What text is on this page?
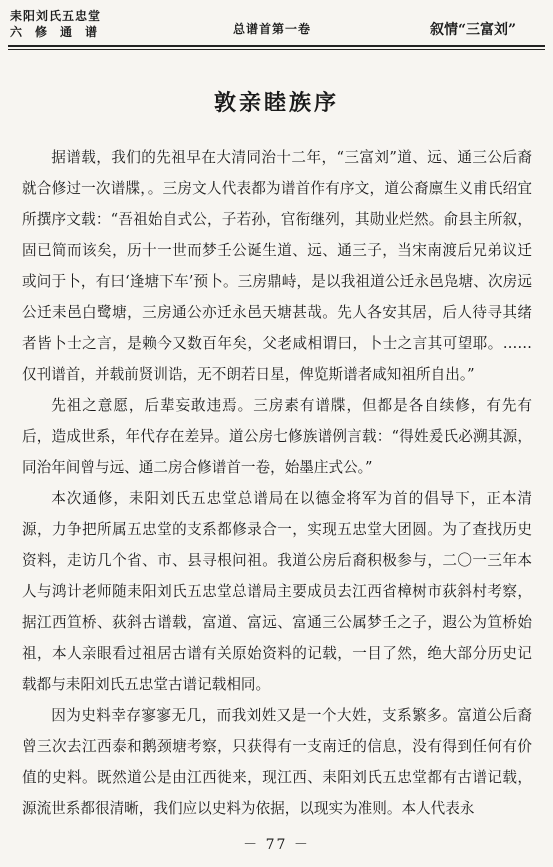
耒阳刘氏五忠堂
六修通谱	总谱首第一卷	叙情“三富刘”
敦亲睦族序

据谱载，我们的先祖早在大清同治十二年，“三富刘”道、远、通三公后裔就合修过一次谱牒，。三房文人代表都为谱首作有序文，道公裔廪生义甫氏绍宜所撰序文载：“吾祖始自式公，子若孙，官衔继列，其勋业烂然。俞县主所叙，固已简而该矣，历十一世而梦壬公诞生道、远、通三子，当宋南渡后兄弟议迁或问于卜，有曰‘逢塘下车’预卜。三房鼎峙，是以我祖道公迁永邑凫塘、次房远公迁耒邑白鹭塘，三房通公亦迁永邑天塘甚哉。先人各安其居，后人待寻其绪者皆卜士之言，是赖今又数百年矣，父老咸相谓曰，卜士之言其可望耶。……仅刊谱首，并载前贤训诰，无不朗若日星，俾览斯谱者咸知祖所自出。”

先祖之意愿，后辈妄敢违焉。三房素有谱牒，但都是各自续修，有先有后，造成世系，年代存在差异。道公房七修族谱例言载：“得姓爰氏必溯其源，同治年间曾与远、通二房合修谱首一卷，始墨庄式公。”

本次通修，耒阳刘氏五忠堂总谱局在以德金将军为首的倡导下，正本清源，力争把所属五忠堂的支系都修录合一，实现五忠堂大团圆。为了查找历史资料，走访几个省、市、县寻根问祖。我道公房后裔积极参与，二〇一三年本人与鸿计老师随耒阳刘氏五忠堂总谱局主要成员去江西省樟树市荻斜村考察，据江西笪桥、荻斜古谱载，富道、富远、富通三公属梦壬之子，遐公为笪桥始祖，本人亲眼看过祖居古谱有关原始资料的记载，一目了然，绝大部分历史记载都与耒阳刘氏五忠堂古谱记载相同。

因为史料幸存寥寥无几，而我刘姓又是一个大姓，支系繁多。富道公后裔曾三次去江西泰和鹅颈塘考察，只获得有一支南迁的信息，没有得到任何有价值的史料。既然道公是由江西徙来，现江西、耒阳刘氏五忠堂都有古谱记载，源流世系都很清晰，我们应以史料为依据，以现实为准则。本人代表永

－ 77 －
